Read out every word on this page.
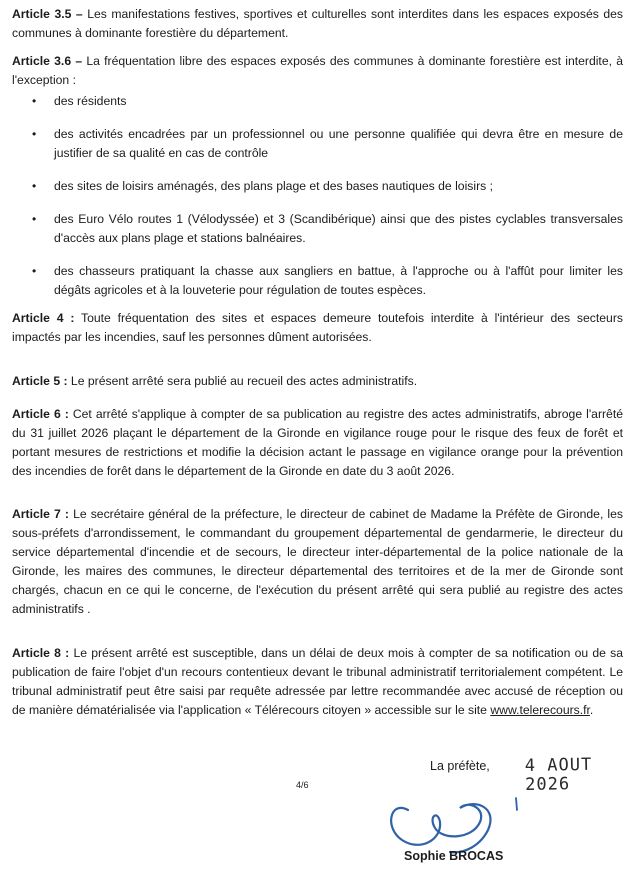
Article 3.5 – Les manifestations festives, sportives et culturelles sont interdites dans les espaces exposés des communes à dominante forestière du département.

Article 3.6 – La fréquentation libre des espaces exposés des communes à dominante forestière est interdite, à l'exception :

• des résidents
• des activités encadrées par un professionnel ou une personne qualifiée qui devra être en mesure de justifier de sa qualité en cas de contrôle
• des sites de loisirs aménagés, des plans plage et des bases nautiques de loisirs ;
• des Euro Vélo routes 1 (Vélodyssée) et 3 (Scandibérique) ainsi que des pistes cyclables transversales d'accès aux plans plage et stations balnéaires.
• des chasseurs pratiquant la chasse aux sangliers en battue, à l'approche ou à l'affût pour limiter les dégâts agricoles et à la louveterie pour régulation de toutes espèces.

Article 4 : Toute fréquentation des sites et espaces demeure toutefois interdite à l'intérieur des secteurs impactés par les incendies, sauf les personnes dûment autorisées.

Article 5 : Le présent arrêté sera publié au recueil des actes administratifs.

Article 6 : Cet arrêté s'applique à compter de sa publication au registre des actes administratifs, abroge l'arrêté du 31 juillet 2026 plaçant le département de la Gironde en vigilance rouge pour le risque des feux de forêt et portant mesures de restrictions et modifie la décision actant le passage en vigilance orange pour la prévention des incendies de forêt dans le département de la Gironde en date du 3 août 2026.

Article 7 : Le secrétaire général de la préfecture, le directeur de cabinet de Madame la Préfète de Gironde, les sous-préfets d'arrondissement, le commandant du groupement départemental de gendarmerie, le directeur du service départemental d'incendie et de secours, le directeur inter-départemental de la police nationale de la Gironde, les maires des communes, le directeur départemental des territoires et de la mer de Gironde sont chargés, chacun en ce qui le concerne, de l'exécution du présent arrêté qui sera publié au registre des actes administratifs .

Article 8 : Le présent arrêté est susceptible, dans un délai de deux mois à compter de sa notification ou de sa publication de faire l'objet d'un recours contentieux devant le tribunal administratif territorialement compétent. Le tribunal administratif peut être saisi par requête adressée par lettre recommandée avec accusé de réception ou de manière dématérialisée via l'application « Télérecours citoyen » accessible sur le site www.telerecours.fr.

La préfète, 4 AOUT 2026
4/6
Sophie BROCAS
